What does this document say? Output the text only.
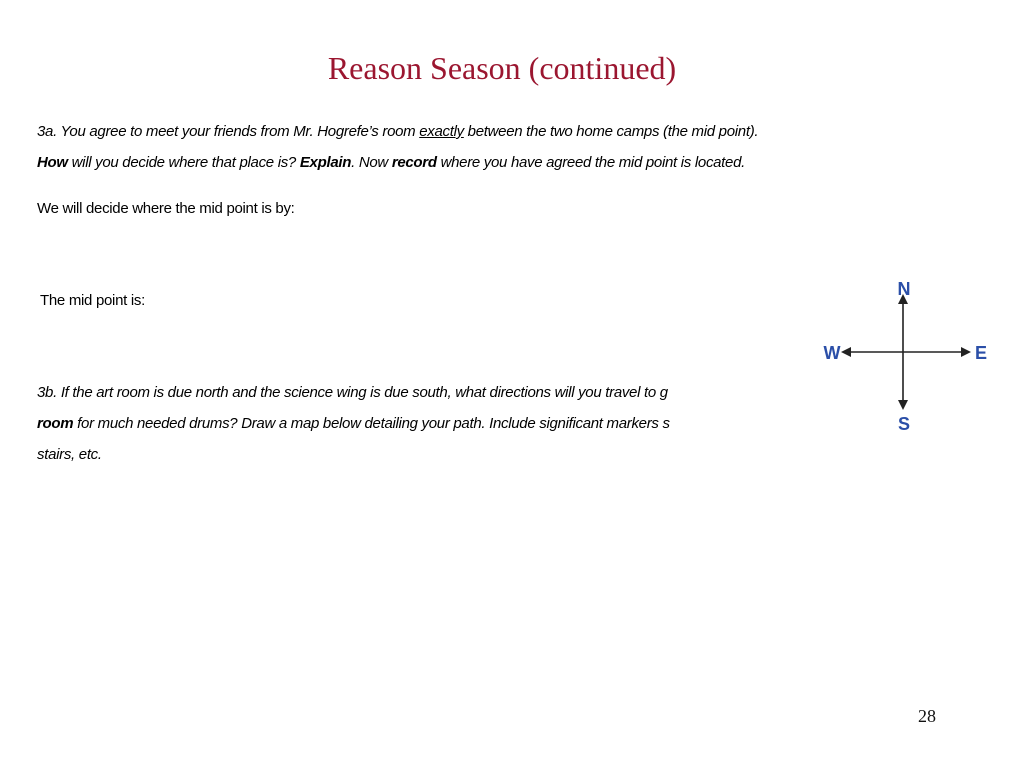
Reason Season (continued)
3a. You agree to meet your friends from Mr. Hogrefe’s room exactly between the two home camps (the mid point).
How will you decide where that place is? Explain. Now record where you have agreed the mid point is located.
We will decide where the mid point is by:
The mid point is:
3b. If the art room is due north and the science wing is due south, what directions will you travel to g
room for much needed drums? Draw a map below detailing your path. Include significant markers s
stairs, etc.
N
S
E
W
28
